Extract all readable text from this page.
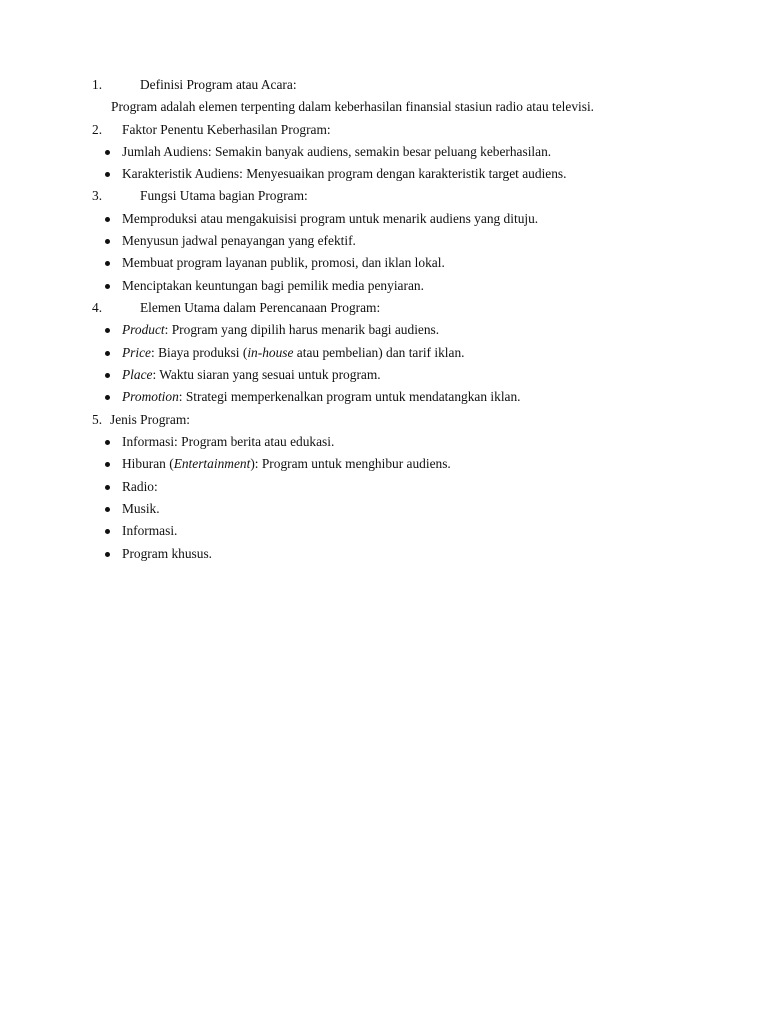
1.	Definisi Program atau Acara:
Program adalah elemen terpenting dalam keberhasilan finansial stasiun radio atau televisi.
2. Faktor Penentu Keberhasilan Program:
Jumlah Audiens: Semakin banyak audiens, semakin besar peluang keberhasilan.
Karakteristik Audiens: Menyesuaikan program dengan karakteristik target audiens.
3.	Fungsi Utama bagian Program:
Memproduksi atau mengakuisisi program untuk menarik audiens yang dituju.
Menyusun jadwal penayangan yang efektif.
Membuat program layanan publik, promosi, dan iklan lokal.
Menciptakan keuntungan bagi pemilik media penyiaran.
4.	Elemen Utama dalam Perencanaan Program:
Product: Program yang dipilih harus menarik bagi audiens.
Price: Biaya produksi (in-house atau pembelian) dan tarif iklan.
Place: Waktu siaran yang sesuai untuk program.
Promotion: Strategi memperkenalkan program untuk mendatangkan iklan.
5. Jenis Program:
Informasi: Program berita atau edukasi.
Hiburan (Entertainment): Program untuk menghibur audiens.
Radio:
Musik.
Informasi.
Program khusus.
